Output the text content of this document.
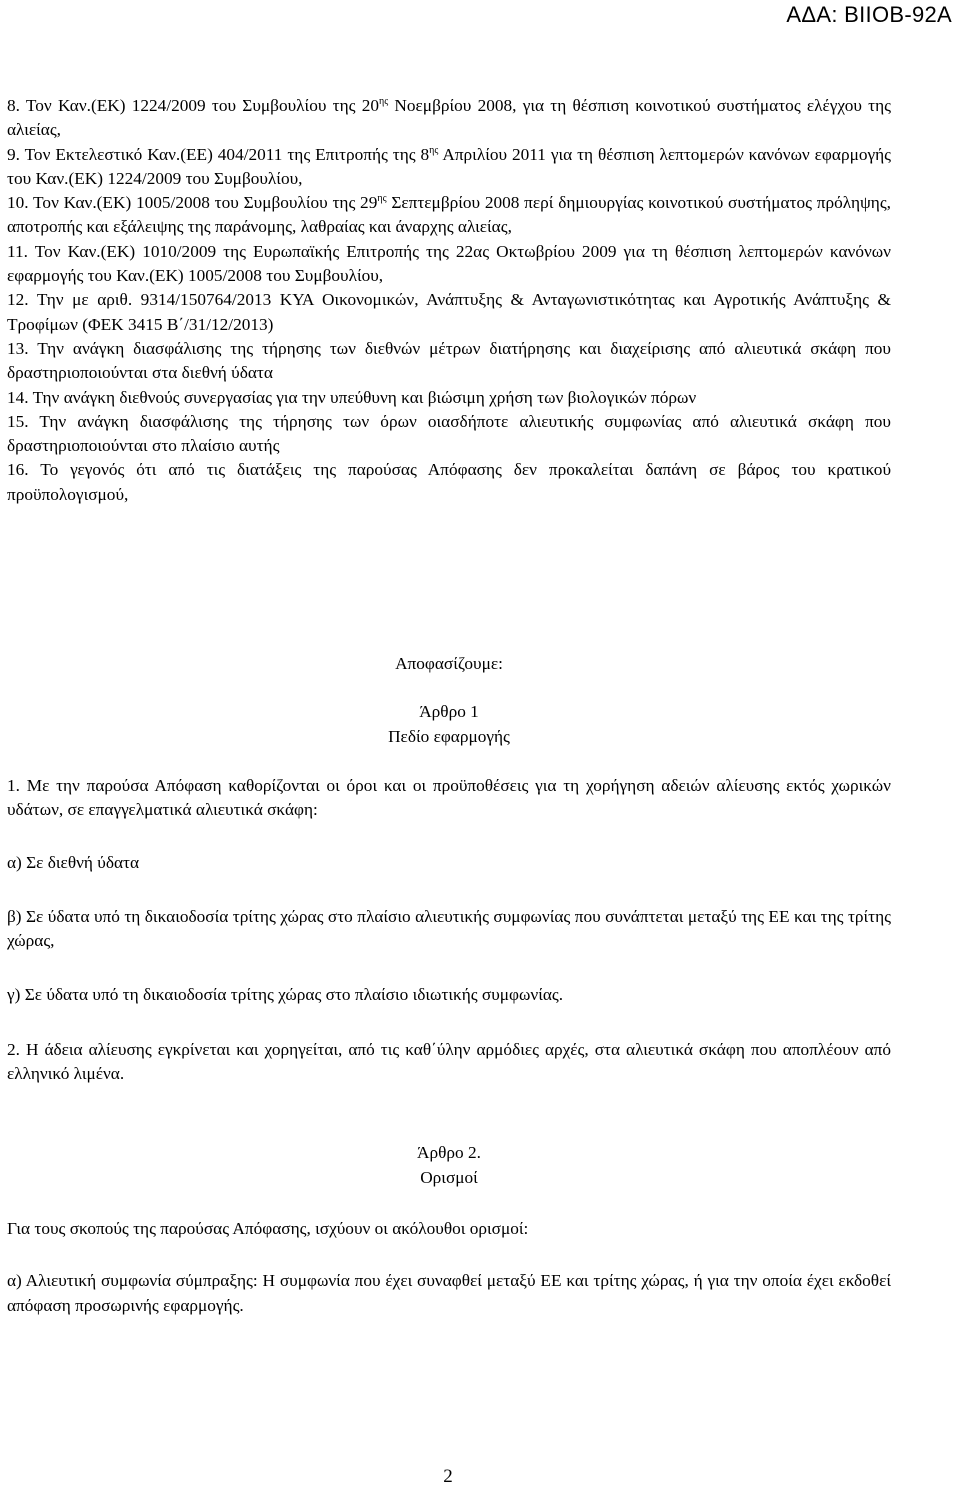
ΑΔΑ: ΒΙΙΟΒ-92Α

8. Τον Καν.(ΕΚ) 1224/2009 του Συμβουλίου της $20^{\eta\varsigma}$ Νοεμβρίου 2008, για τη θέσπιση κοινοτικού συστήματος ελέγχου της αλιείας,

9. Τον Εκτελεστικό Καν.(ΕΕ) 404/2011 της Επιτροπής της $8^{\eta\varsigma}$ Απριλίου 2011 για τη θέσπιση λεπτομερών κανόνων εφαρμογής του Καν.(ΕΚ) 1224/2009 του Συμβουλίου,

10. Τον Καν.(ΕΚ) 1005/2008 του Συμβουλίου της $29^{\eta\varsigma}$ Σεπτεμβρίου 2008 περί δημιουργίας κοινοτικού συστήματος πρόληψης, αποτροπής και εξάλειψης της παράνομης, λαθραίας και άναρχης αλιείας,

11. Τον Καν.(ΕΚ) 1010/2009 της Ευρωπαϊκής Επιτροπής της 22ας Οκτωβρίου 2009 για τη θέσπιση λεπτομερών κανόνων εφαρμογής του Καν.(ΕΚ) 1005/2008 του Συμβουλίου,

12. Την με αριθ. 9314/150764/2013 ΚΥΑ Οικονομικών, Ανάπτυξης & Ανταγωνιστικότητας και Αγροτικής Ανάπτυξης & Τροφίμων (ΦΕΚ 3415 Β΄/31/12/2013)

13. Την ανάγκη διασφάλισης της τήρησης των διεθνών μέτρων διατήρησης και διαχείρισης από αλιευτικά σκάφη που δραστηριοποιούνται στα διεθνή ύδατα

14. Την ανάγκη διεθνούς συνεργασίας για την υπεύθυνη και βιώσιμη χρήση των βιολογικών πόρων

15. Την ανάγκη διασφάλισης της τήρησης των όρων οιασδήποτε αλιευτικής συμφωνίας από αλιευτικά σκάφη που δραστηριοποιούνται στο πλαίσιο αυτής

16. Το γεγονός ότι από τις διατάξεις της παρούσας Απόφασης δεν προκαλείται δαπάνη σε βάρος του κρατικού προϋπολογισμού,

Αποφασίζουμε:

Άρθρο 1

Πεδίο εφαρμογής

1. Με την παρούσα Απόφαση καθορίζονται οι όροι και οι προϋποθέσεις για τη χορήγηση αδειών αλίευσης εκτός χωρικών υδάτων, σε επαγγελματικά αλιευτικά σκάφη:

α) Σε διεθνή ύδατα

β) Σε ύδατα υπό τη δικαιοδοσία τρίτης χώρας στο πλαίσιο αλιευτικής συμφωνίας που συνάπτεται μεταξύ της ΕΕ και της τρίτης χώρας,

γ) Σε ύδατα υπό τη δικαιοδοσία τρίτης χώρας στο πλαίσιο ιδιωτικής συμφωνίας.

2. Η άδεια αλίευσης εγκρίνεται και χορηγείται, από τις καθ΄ύλην αρμόδιες αρχές, στα αλιευτικά σκάφη που αποπλέουν από ελληνικό λιμένα.

Άρθρο 2.

Ορισμοί

Για τους σκοπούς της παρούσας Απόφασης, ισχύουν οι ακόλουθοι ορισμοί:

α) Αλιευτική συμφωνία σύμπραξης: Η συμφωνία που έχει συναφθεί μεταξύ ΕΕ και τρίτης χώρας, ή για την οποία έχει εκδοθεί απόφαση προσωρινής εφαρμογής.

2
